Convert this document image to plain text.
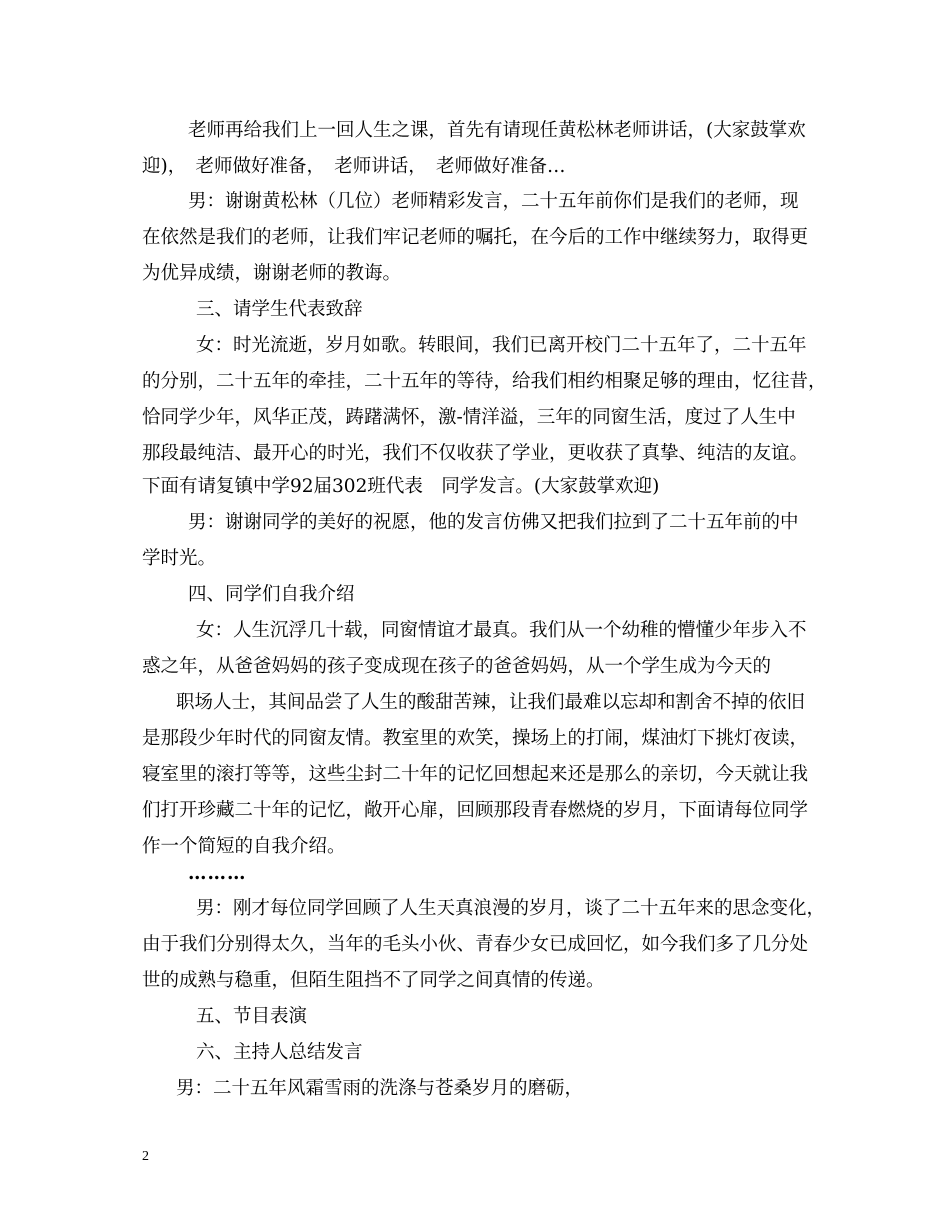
老师再给我们上一回人生之课，首先有请现任黄松林老师讲话，(大家鼓掌欢
迎)，　老师做好准备，　老师讲话，　老师做好准备…
男：谢谢黄松林（几位）老师精彩发言，二十五年前你们是我们的老师，现
在依然是我们的老师，让我们牢记老师的嘱托，在今后的工作中继续努力，取得更
为优异成绩，谢谢老师的教诲。
三、请学生代表致辞
女：时光流逝，岁月如歌。转眼间，我们已离开校门二十五年了，二十五年
的分别，二十五年的牵挂，二十五年的等待，给我们相约相聚足够的理由，忆往昔，
恰同学少年，风华正茂，踌躇满怀，激-情洋溢，三年的同窗生活，度过了人生中
那段最纯洁、最开心的时光，我们不仅收获了学业，更收获了真挚、纯洁的友谊。
下面有请复镇中学92届302班代表　同学发言。(大家鼓掌欢迎)
男：谢谢同学的美好的祝愿，他的发言仿佛又把我们拉到了二十五年前的中
学时光。
四、同学们自我介绍
女：人生沉浮几十载，同窗情谊才最真。我们从一个幼稚的懵懂少年步入不
惑之年，从爸爸妈妈的孩子变成现在孩子的爸爸妈妈，从一个学生成为今天的
职场人士，其间品尝了人生的酸甜苦辣，让我们最难以忘却和割舍不掉的依旧
是那段少年时代的同窗友情。教室里的欢笑，操场上的打闹，煤油灯下挑灯夜读，
寝室里的滚打等等，这些尘封二十年的记忆回想起来还是那么的亲切，今天就让我
们打开珍藏二十年的记忆，敞开心扉，回顾那段青春燃烧的岁月，下面请每位同学
作一个简短的自我介绍。
………
男：刚才每位同学回顾了人生天真浪漫的岁月，谈了二十五年来的思念变化，
由于我们分别得太久，当年的毛头小伙、青春少女已成回忆，如今我们多了几分处
世的成熟与稳重，但陌生阻挡不了同学之间真情的传递。
五、节目表演
六、主持人总结发言
男：二十五年风霜雪雨的洗涤与苍桑岁月的磨砺，
2
